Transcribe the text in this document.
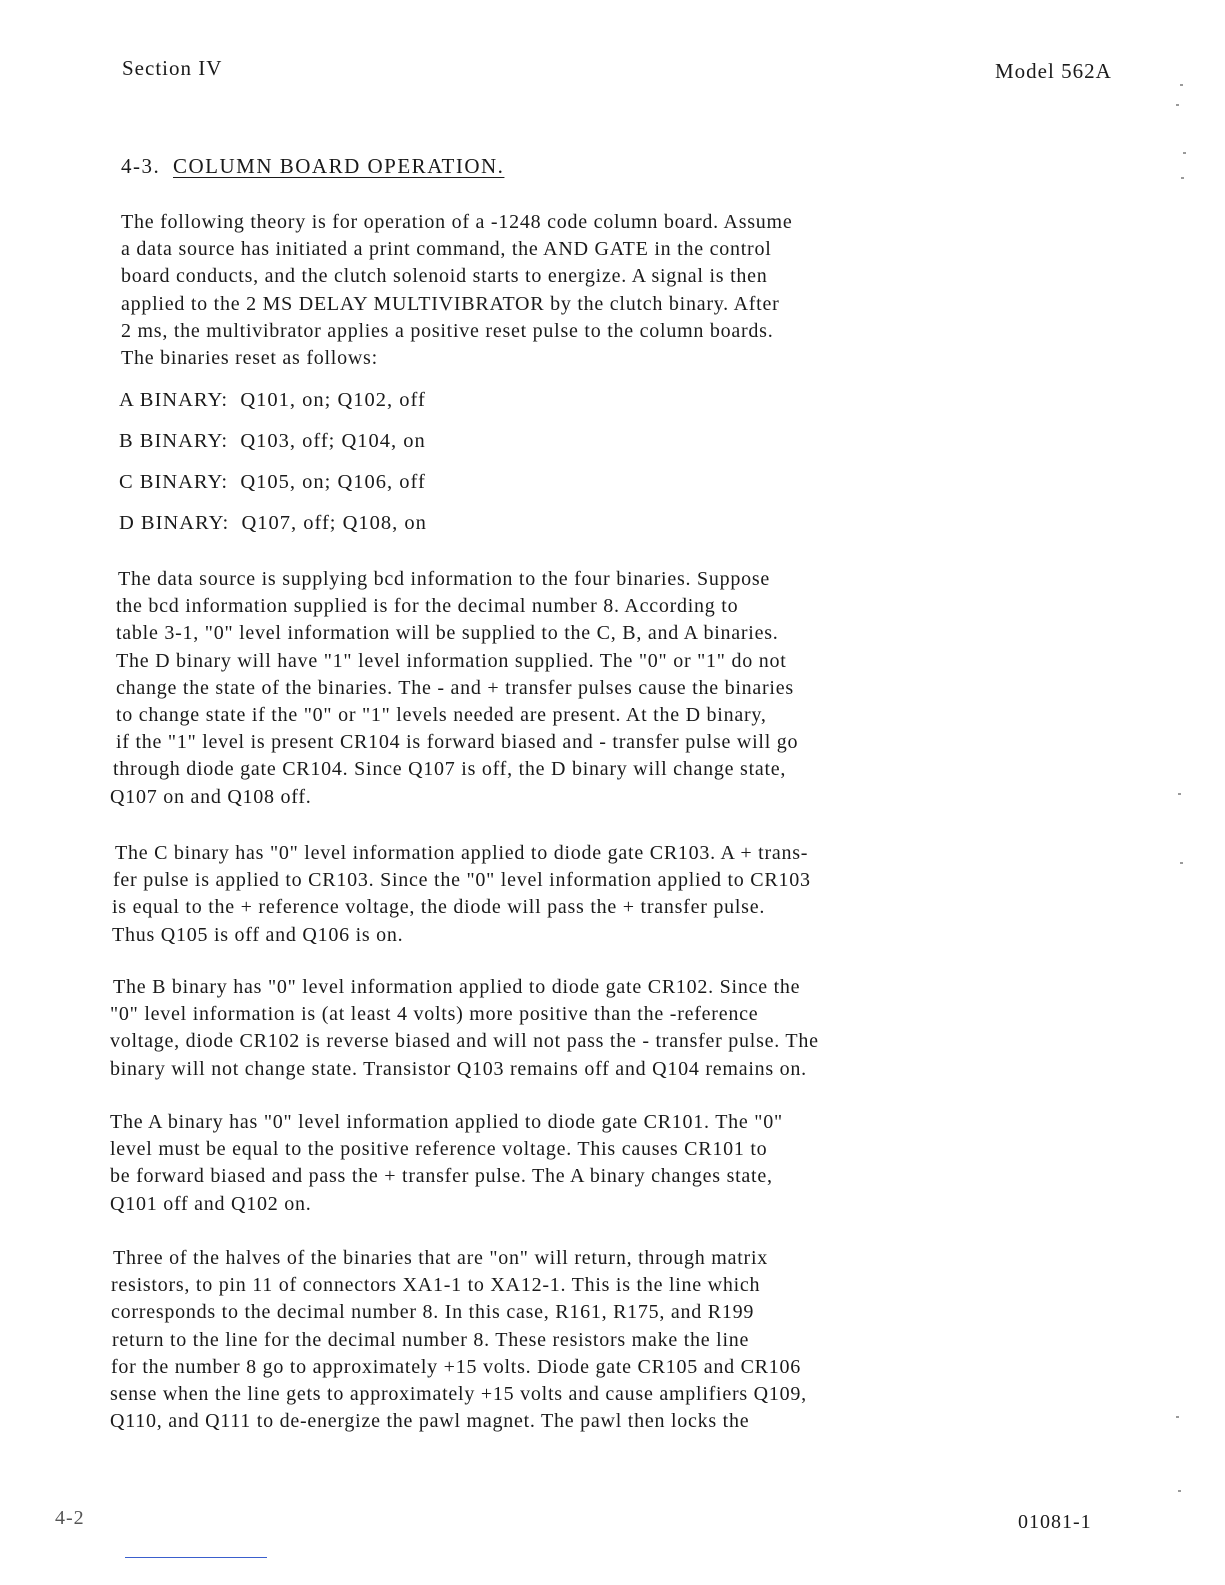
Section IV	Model 562A
4-3. COLUMN BOARD OPERATION.
The following theory is for operation of a -1248 code column board. Assume
a data source has initiated a print command, the AND GATE in the control
board conducts, and the clutch solenoid starts to energize. A signal is then
applied to the 2 MS DELAY MULTIVIBRATOR by the clutch binary. After
2 ms, the multivibrator applies a positive reset pulse to the column boards.
The binaries reset as follows:
A BINARY: Q101, on; Q102, off
B BINARY: Q103, off; Q104, on
C BINARY: Q105, on; Q106, off
D BINARY: Q107, off; Q108, on
The data source is supplying bcd information to the four binaries. Suppose
the bcd information supplied is for the decimal number 8. According to
table 3-1, "0" level information will be supplied to the C, B, and A binaries.
The D binary will have "1" level information supplied. The "0" or "1" do not
change the state of the binaries. The - and + transfer pulses cause the binaries
to change state if the "0" or "1" levels needed are present. At the D binary,
if the "1" level is present CR104 is forward biased and - transfer pulse will go
through diode gate CR104. Since Q107 is off, the D binary will change state,
Q107 on and Q108 off.
The C binary has "0" level information applied to diode gate CR103. A + trans-
fer pulse is applied to CR103. Since the "0" level information applied to CR103
is equal to the + reference voltage, the diode will pass the + transfer pulse.
Thus Q105 is off and Q106 is on.
The B binary has "0" level information applied to diode gate CR102. Since the
"0" level information is (at least 4 volts) more positive than the -reference
voltage, diode CR102 is reverse biased and will not pass the - transfer pulse. The
binary will not change state. Transistor Q103 remains off and Q104 remains on.
The A binary has "0" level information applied to diode gate CR101. The "0"
level must be equal to the positive reference voltage. This causes CR101 to
be forward biased and pass the + transfer pulse. The A binary changes state,
Q101 off and Q102 on.
Three of the halves of the binaries that are "on" will return, through matrix
resistors, to pin 11 of connectors XA1-1 to XA12-1. This is the line which
corresponds to the decimal number 8. In this case, R161, R175, and R199
return to the line for the decimal number 8. These resistors make the line
for the number 8 go to approximately +15 volts. Diode gate CR105 and CR106
sense when the line gets to approximately +15 volts and cause amplifiers Q109,
Q110, and Q111 to de-energize the pawl magnet. The pawl then locks the
4-2	01081-1
